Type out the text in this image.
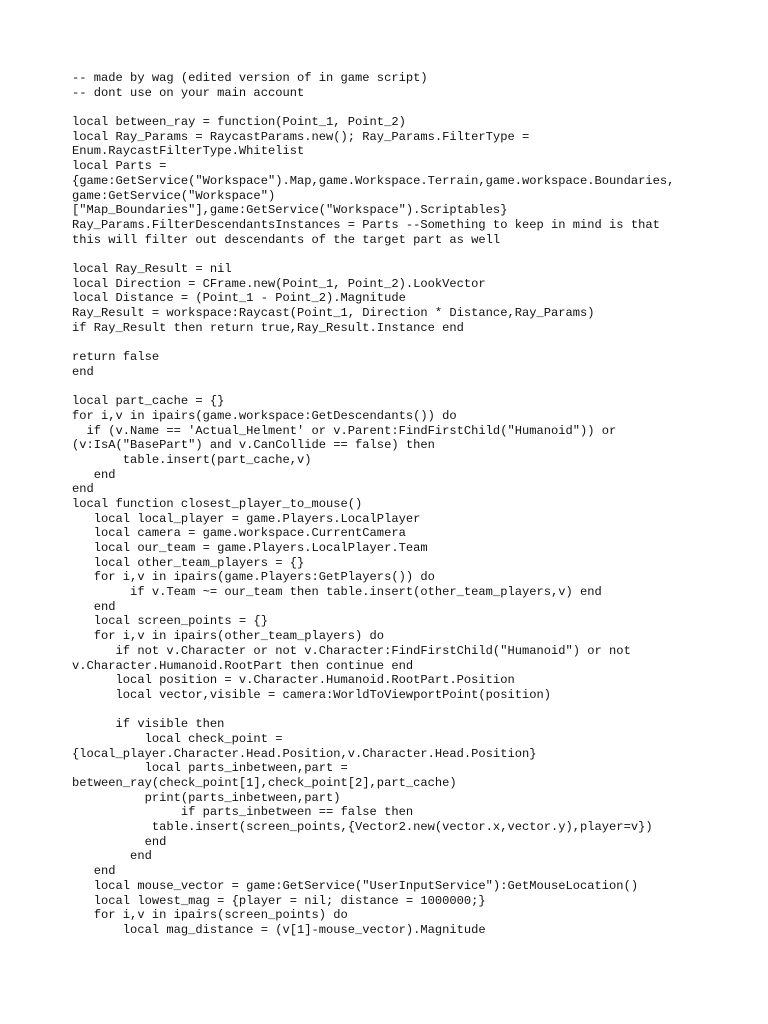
-- made by wag (edited version of in game script)
-- dont use on your main account
local between_ray = function(Point_1, Point_2)
local Ray_Params = RaycastParams.new(); Ray_Params.FilterType =
Enum.RaycastFilterType.Whitelist
local Parts =
{game:GetService("Workspace").Map,game.Workspace.Terrain,game.workspace.Boundaries,
game:GetService("Workspace")
["Map_Boundaries"],game:GetService("Workspace").Scriptables}
Ray_Params.FilterDescendantsInstances = Parts --Something to keep in mind is that
this will filter out descendants of the target part as well
local Ray_Result = nil
local Direction = CFrame.new(Point_1, Point_2).LookVector
local Distance = (Point_1 - Point_2).Magnitude
Ray_Result = workspace:Raycast(Point_1, Direction * Distance,Ray_Params)
if Ray_Result then return true,Ray_Result.Instance end
return false
end
local part_cache = {}
for i,v in ipairs(game.workspace:GetDescendants()) do
if (v.Name == 'Actual_Helment' or v.Parent:FindFirstChild("Humanoid")) or
(v:IsA("BasePart") and v.CanCollide == false) then
table.insert(part_cache,v)
end
end
local function closest_player_to_mouse()
local local_player = game.Players.LocalPlayer
local camera = game.workspace.CurrentCamera
local our_team = game.Players.LocalPlayer.Team
local other_team_players = {}
for i,v in ipairs(game.Players:GetPlayers()) do
if v.Team ~= our_team then table.insert(other_team_players,v) end
end
local screen_points = {}
for i,v in ipairs(other_team_players) do
if not v.Character or not v.Character:FindFirstChild("Humanoid") or not
v.Character.Humanoid.RootPart then continue end
local position = v.Character.Humanoid.RootPart.Position
local vector,visible = camera:WorldToViewportPoint(position)
if visible then
local check_point =
{local_player.Character.Head.Position,v.Character.Head.Position}
local parts_inbetween,part =
between_ray(check_point[1],check_point[2],part_cache)
print(parts_inbetween,part)
if parts_inbetween == false then
table.insert(screen_points,{Vector2.new(vector.x,vector.y),player=v})
end
end
end
local mouse_vector = game:GetService("UserInputService"):GetMouseLocation()
local lowest_mag = {player = nil; distance = 1000000;}
for i,v in ipairs(screen_points) do
local mag_distance = (v[1]-mouse_vector).Magnitude
